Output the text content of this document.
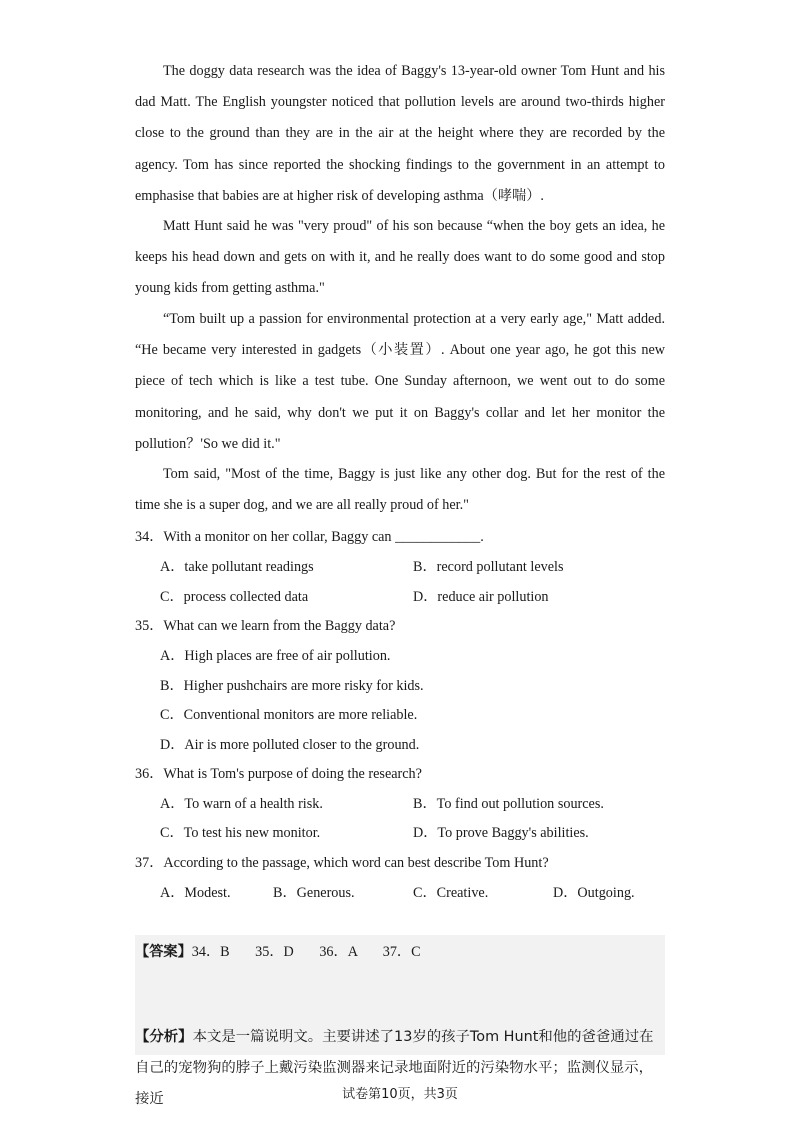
The doggy data research was the idea of Baggy's 13-year-old owner Tom Hunt and his dad Matt. The English youngster noticed that pollution levels are around two-thirds higher close to the ground than they are in the air at the height where they are recorded by the agency. Tom has since reported the shocking findings to the government in an attempt to emphasise that babies are at higher risk of developing asthma（哮喘）.
Matt Hunt said he was "very proud" of his son because “when the boy gets an idea, he keeps his head down and gets on with it, and he really does want to do some good and stop young kids from getting asthma."
“Tom built up a passion for environmental protection at a very early age," Matt added. “He became very interested in gadgets（小装置）. About one year ago, he got this new piece of tech which is like a test tube. One Sunday afternoon, we went out to do some monitoring, and he said, why don't we put it on Baggy's collar and let her monitor the pollution？'So we did it."
Tom said, "Most of the time, Baggy is just like any other dog. But for the rest of the time she is a super dog, and we are all really proud of her."
34．With a monitor on her collar, Baggy can ____________.
A．take pollutant readings	B．record pollutant levels
C．process collected data	D．reduce air pollution
35．What can we learn from the Baggy data?
A．High places are free of air pollution.
B．Higher pushchairs are more risky for kids.
C．Conventional monitors are more reliable.
D．Air is more polluted closer to the ground.
36．What is Tom's purpose of doing the research?
A．To warn of a health risk.	B．To find out pollution sources.
C．To test his new monitor.	D．To prove Baggy's abilities.
37．According to the passage, which word can best describe Tom Hunt?
A．Modest.	B．Generous.	C．Creative.	D．Outgoing.
【答案】34．B 35．D 36．A 37．C
【分析】本文是一篇说明文。主要讲述了13岁的孩子Tom Hunt和他的爸爸通过在自己的宠物狗的脖子上戴污染监测器来记录地面附近的污染物水平；监测仪显示，接近	试卷第10页，共3页
